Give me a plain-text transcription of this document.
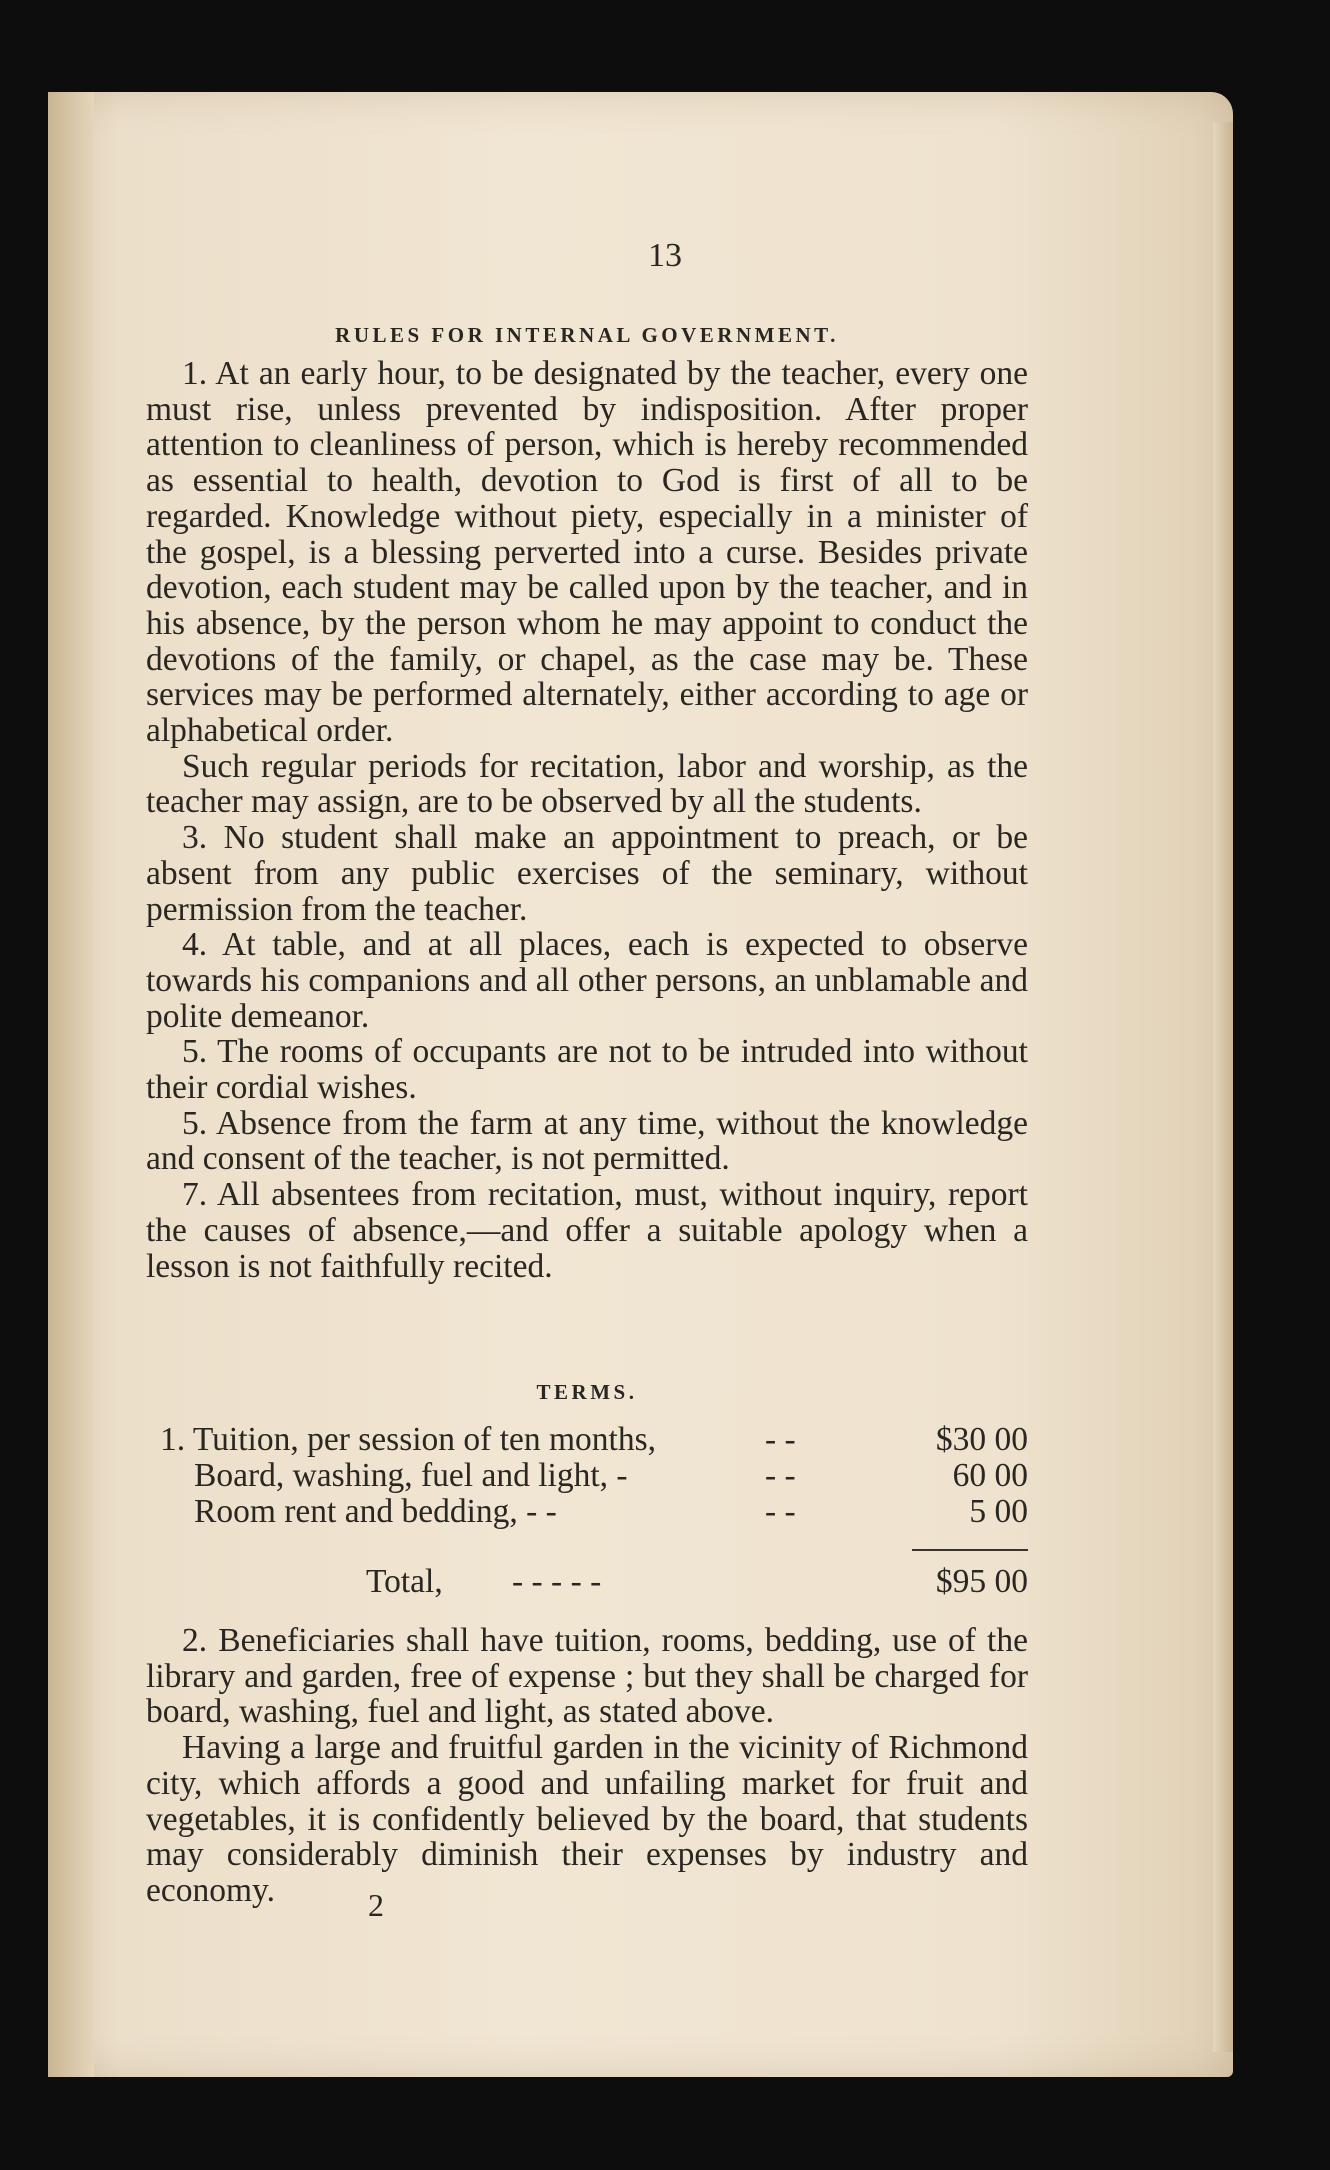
13
RULES FOR INTERNAL GOVERNMENT.

1. At an early hour, to be designated by the teacher, every one must rise, unless prevented by indisposition. After proper attention to cleanliness of person, which is hereby recommended as essential to health, devotion to God is first of all to be regarded. Knowledge without piety, especially in a minister of the gospel, is a blessing perverted into a curse. Besides private devotion, each student may be called upon by the teacher, and in his absence, by the person whom he may appoint to conduct the devotions of the family, or chapel, as the case may be. These services may be performed alternately, either according to age or alphabetical order.

Such regular periods for recitation, labor and worship, as the teacher may assign, are to be observed by all the students.

3. No student shall make an appointment to preach, or be absent from any public exercises of the seminary, without permission from the teacher.

4. At table, and at all places, each is expected to observe towards his companions and all other persons, an unblamable and polite demeanor.

5. The rooms of occupants are not to be intruded into without their cordial wishes.

5. Absence from the farm at any time, without the knowledge and consent of the teacher, is not permitted.

7. All absentees from recitation, must, without inquiry, report the causes of absence,—and offer a suitable apology when a lesson is not faithfully recited.

TERMS.
1. Tuition, per session of ten months,	- -	$30 00
Board, washing, fuel and light, -	- -	60 00
Room rent and bedding, - -	- -	5 00
Total, - - - - -	$95 00

2. Beneficiaries shall have tuition, rooms, bedding, use of the library and garden, free of expense ; but they shall be charged for board, washing, fuel and light, as stated above.

Having a large and fruitful garden in the vicinity of Richmond city, which affords a good and unfailing market for fruit and vegetables, it is confidently believed by the board, that students may considerably diminish their expenses by industry and economy.	2
